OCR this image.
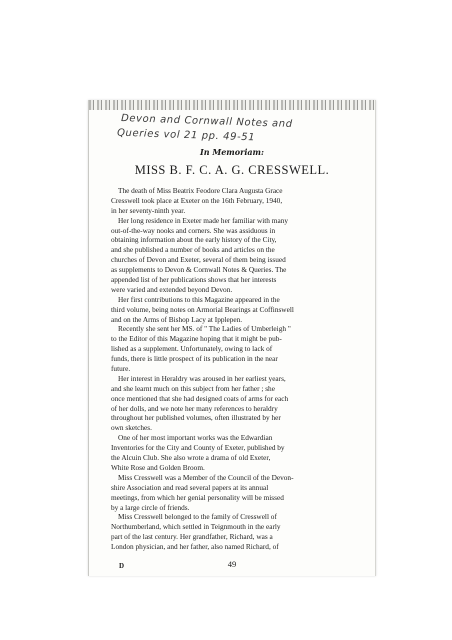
Devon and Cornwall Notes and
Queries vol 21 pp. 49-51
In Memoriam:
MISS B. F. C. A. G. CRESSWELL.
The death of Miss Beatrix Feodore Clara Augusta Grace
Cresswell took place at Exeter on the 16th February, 1940,
in her seventy-ninth year.
Her long residence in Exeter made her familiar with many
out-of-the-way nooks and corners. She was assiduous in
obtaining information about the early history of the City,
and she published a number of books and articles on the
churches of Devon and Exeter, several of them being issued
as supplements to Devon & Cornwall Notes & Queries. The
appended list of her publications shows that her interests
were varied and extended beyond Devon.
Her first contributions to this Magazine appeared in the
third volume, being notes on Armorial Bearings at Coffinswell
and on the Arms of Bishop Lacy at Ipplepen.
Recently she sent her MS. of " The Ladies of Umberleigh "
to the Editor of this Magazine hoping that it might be pub-
lished as a supplement. Unfortunately, owing to lack of
funds, there is little prospect of its publication in the near
future.
Her interest in Heraldry was aroused in her earliest years,
and she learnt much on this subject from her father ; she
once mentioned that she had designed coats of arms for each
of her dolls, and we note her many references to heraldry
throughout her published volumes, often illustrated by her
own sketches.
One of her most important works was the Edwardian
Inventories for the City and County of Exeter, published by
the Alcuin Club. She also wrote a drama of old Exeter,
White Rose and Golden Broom.
Miss Cresswell was a Member of the Council of the Devon-
shire Association and read several papers at its annual
meetings, from which her genial personality will be missed
by a large circle of friends.
Miss Cresswell belonged to the family of Cresswell of
Northumberland, which settled in Teignmouth in the early
part of the last century. Her grandfather, Richard, was a
London physician, and her father, also named Richard, of
D	49
